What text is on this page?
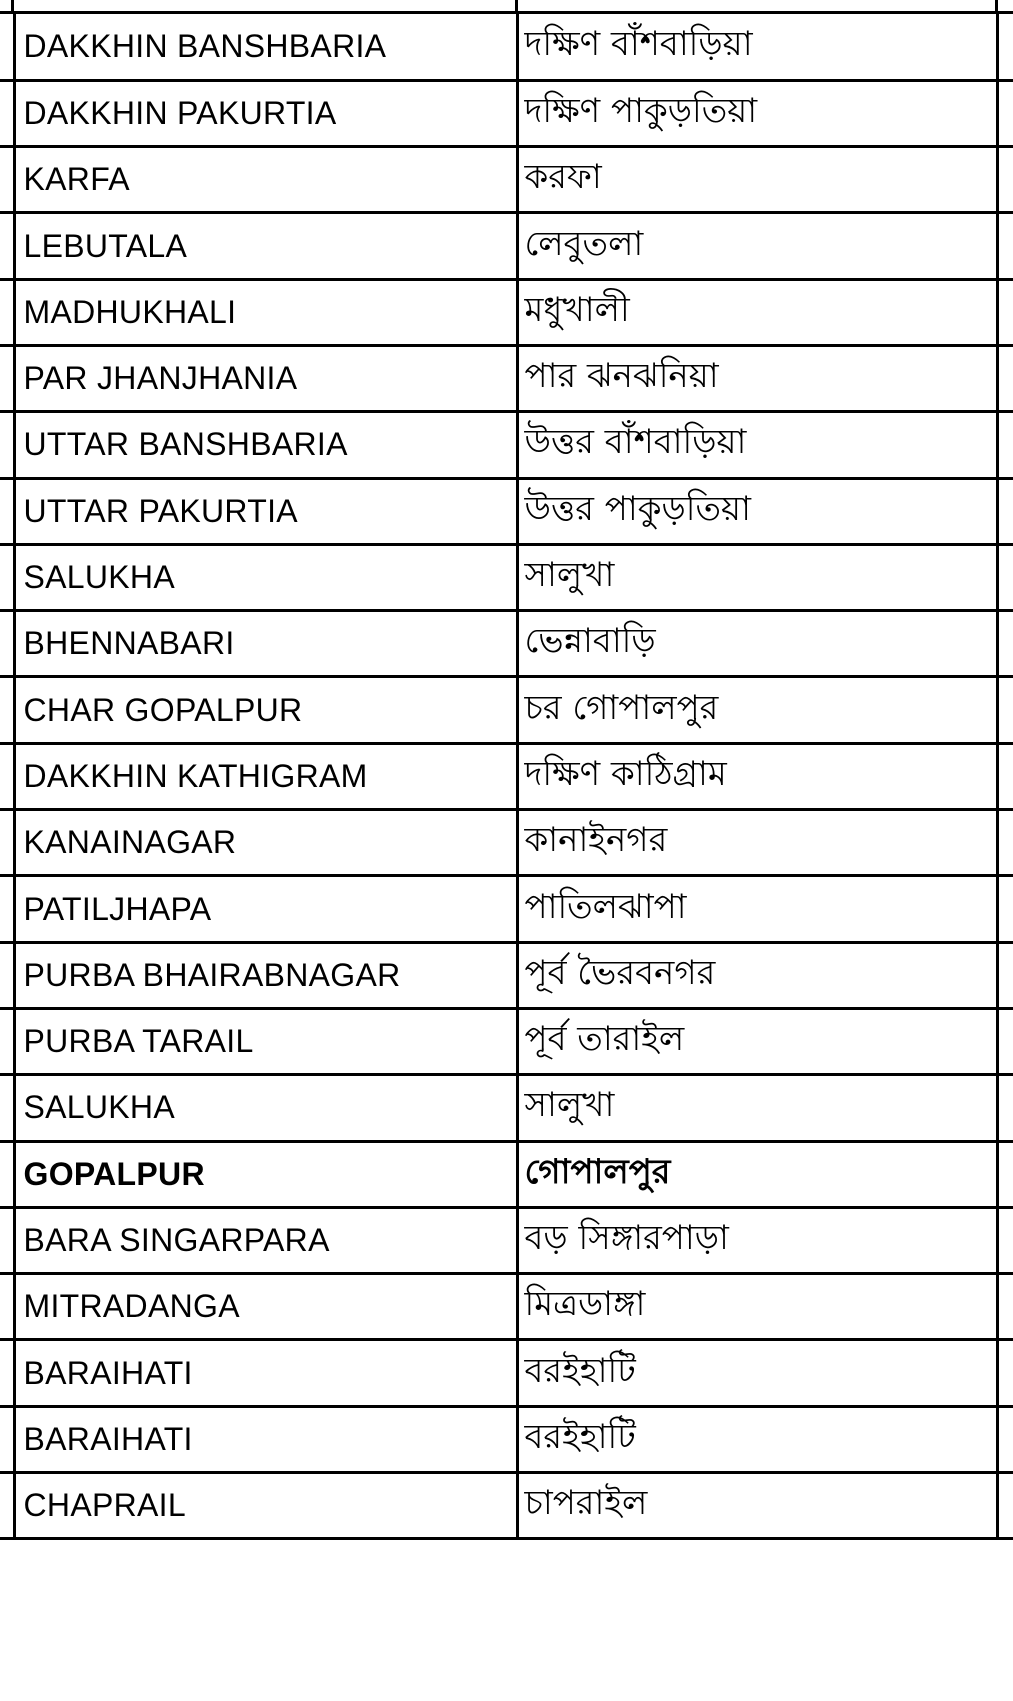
	DAKKHIN BANSHBARIA	দক্ষিণ বাঁশবাড়িয়া	
	DAKKHIN PAKURTIA	দক্ষিণ পাকুড়তিয়া	
	KARFA	করফা	
	LEBUTALA	লেবুতলা	
	MADHUKHALI	মধুখালী	
	PAR JHANJHANIA	পার ঝনঝনিয়া	
	UTTAR BANSHBARIA	উত্তর বাঁশবাড়িয়া	
	UTTAR PAKURTIA	উত্তর পাকুড়তিয়া	
	SALUKHA	সালুখা	
	BHENNABARI	ভেন্নাবাড়ি	
	CHAR GOPALPUR	চর গোপালপুর	
	DAKKHIN KATHIGRAM	দক্ষিণ কাঠিগ্রাম	
	KANAINAGAR	কানাইনগর	
	PATILJHAPA	পাতিলঝাপা	
	PURBA BHAIRABNAGAR	পূর্ব ভৈরবনগর	
	PURBA TARAIL	পূর্ব তারাইল	
	SALUKHA	সালুখা	
	GOPALPUR	গোপালপুর	
	BARA SINGARPARA	বড় সিঙ্গারপাড়া	
	MITRADANGA	মিত্রডাঙ্গা	
	BARAIHATI	বরইহাটি	
	BARAIHATI	বরইহাটি	
	CHAPRAIL	চাপরাইল	
